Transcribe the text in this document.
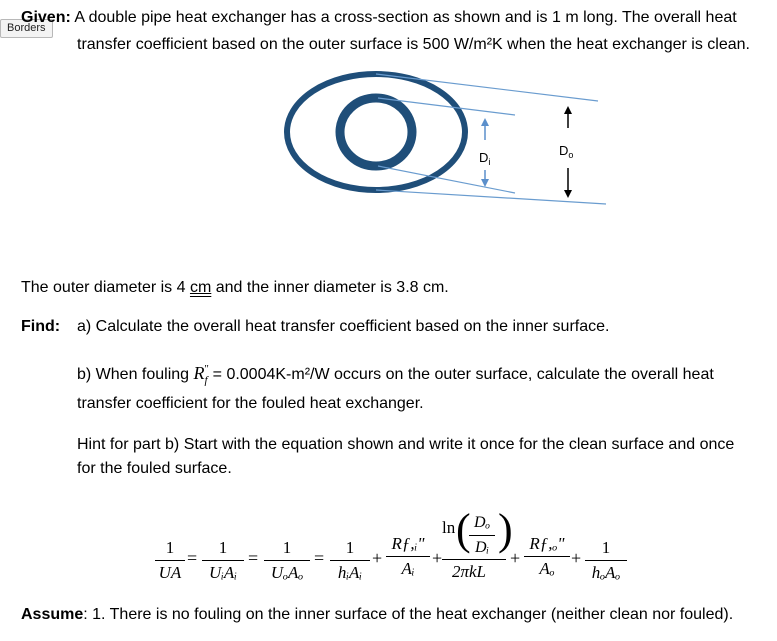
Borders
Given: A double pipe heat exchanger has a cross-section as shown and is 1 m long. The overall heat
transfer coefficient based on the outer surface is 500 W/m²K when the heat exchanger is clean.
$D_i$
$D_o$
The outer diameter is 4 cm and the inner diameter is 3.8 cm.
Find: a) Calculate the overall heat transfer coefficient based on the inner surface.
b) When fouling $R_f^" = 0.0004K-m^2/W$ occurs on the outer surface, calculate the overall heat
transfer coefficient for the fouled heat exchanger.
Hint for part b) Start with the equation shown and write it once for the clean surface and once
for the fouled surface.
1
UA
=
1
UᵢAᵢ
=
1
UₒAₒ
=
1
hᵢAᵢ
+
Rƒ,ᵢ"
Aᵢ
+
ln ( Dₒ
Dᵢ )
2πkL
+
Rƒ,ₒ"
Aₒ
+
1
hₒAₒ
Assume: 1. There is no fouling on the inner surface of the heat exchanger (neither clean nor fouled).
